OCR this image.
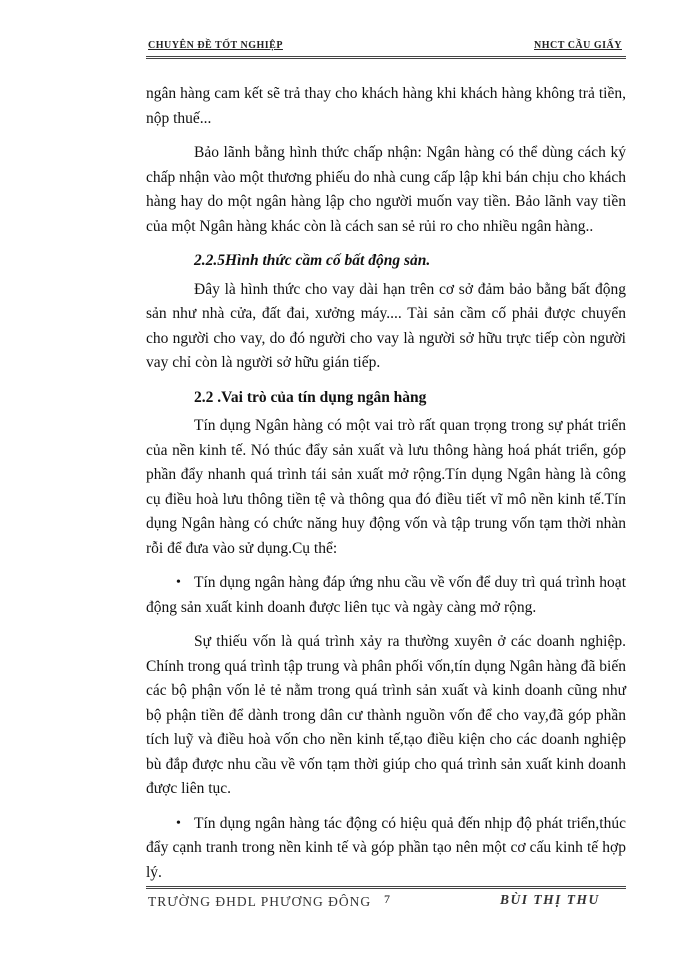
CHUYÊN ĐỀ TỐT NGHIỆP	NHCT CẦU GIẤY

ngân hàng cam kết sẽ trả thay cho khách hàng khi khách hàng không trả tiền, nộp thuế...

Bảo lãnh bằng hình thức chấp nhận: Ngân hàng có thể dùng cách ký chấp nhận vào một thương phiếu do nhà cung cấp lập khi bán chịu cho khách hàng hay do một ngân hàng lập cho người muốn vay tiền. Bảo lãnh vay tiền của một Ngân hàng khác còn là cách san sẻ rủi ro cho nhiều ngân hàng..

2.2.5Hình thức cầm cố bất động sản.

Đây là hình thức cho vay dài hạn trên cơ sở đảm bảo bằng bất động sản như nhà cửa, đất đai, xưởng máy.... Tài sản cầm cố phải được chuyển cho người cho vay, do đó người cho vay là người sở hữu trực tiếp còn người vay chỉ còn là người sở hữu gián tiếp.

2.2 .Vai trò của tín dụng ngân hàng

Tín dụng Ngân hàng có một vai trò rất quan trọng trong sự phát triển của nền kinh tế. Nó thúc đẩy sản xuất và lưu thông hàng hoá phát triển, góp phần đẩy nhanh quá trình tái sản xuất mở rộng.Tín dụng Ngân hàng là công cụ điều hoà lưu thông tiền tệ và thông qua đó điều tiết vĩ mô nền kinh tế.Tín dụng Ngân hàng có chức năng huy động vốn và tập trung vốn tạm thời nhàn rỗi để đưa vào sử dụng.Cụ thể:

• Tín dụng ngân hàng đáp ứng nhu cầu về vốn để duy trì quá trình hoạt động sản xuất kinh doanh được liên tục và ngày càng mở rộng.

Sự thiếu vốn là quá trình xảy ra thường xuyên ở các doanh nghiệp. Chính trong quá trình tập trung và phân phối vốn,tín dụng Ngân hàng đã biến các bộ phận vốn lẻ tẻ nằm trong quá trình sản xuất và kinh doanh cũng như bộ phận tiền để dành trong dân cư thành nguồn vốn để cho vay,đã góp phần tích luỹ và điều hoà vốn cho nền kinh tế,tạo điều kiện cho các doanh nghiệp bù đắp được nhu cầu về vốn tạm thời giúp cho quá trình sản xuất kinh doanh được liên tục.

• Tín dụng ngân hàng tác động có hiệu quả đến nhịp độ phát triển,thúc đẩy cạnh tranh trong nền kinh tế và góp phần tạo nên một cơ cấu kinh tế hợp lý.

TRƯỜNG ĐHDL PHƯƠNG ĐÔNG 7	BÙI THỊ THU
